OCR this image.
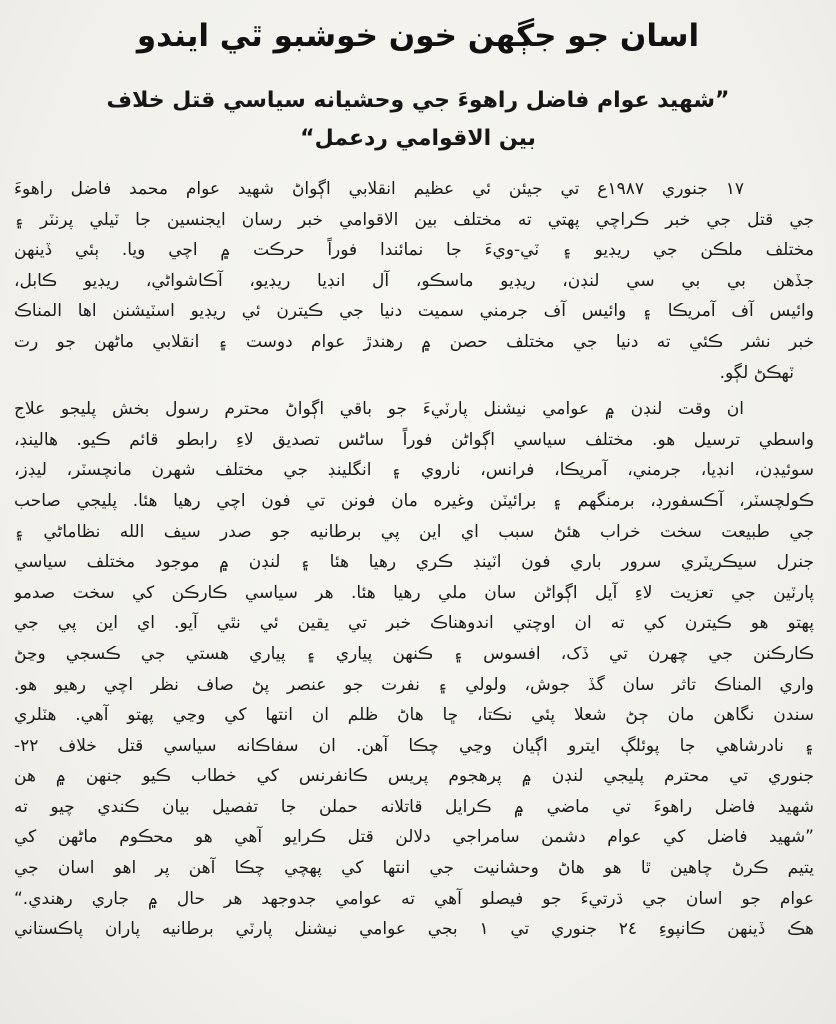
اسان جو جڳهن خون خوشبو ٿي ايندو
”شهيد عوام فاضل راهوءَ جي وحشيانه سياسي قتل خلاف
بين الاقوامي ردعمل“
١٧ جنوري ١٩٨٧ع تي جيئن ئي عظيم انقلابي اڳواڻ شهيد عوام محمد فاضل راهوءَ
جي قتل جي خبر ڪراچي پهتي ته مختلف بين الاقوامي خبر رسان ايجنسين جا ٽيلي پرنٽر ۽
مختلف ملڪن جي ريڊيو ۽ ٽي-ويءَ جا نمائندا فوراً حرڪت ۾ اچي ويا. ٻئي ڏينهن
جڏهن بي بي سي لنڊن، ريڊيو ماسڪو، آل انڊيا ريڊيو، آڪاشواڻي، ريڊيو ڪابل،
وائيس آف آمريڪا ۽ وائيس آف جرمني سميت دنيا جي ڪيترن ئي ريڊيو اسٽيشنن اها المناڪ
خبر نشر ڪئي ته دنيا جي مختلف حصن ۾ رهندڙ عوام دوست ۽ انقلابي ماڻهن جو رت
ٽهڪڻ لڳو.
ان وقت لنڊن ۾ عوامي نيشنل پارٽيءَ جو باقي اڳواڻ محترم رسول بخش پليجو علاج
واسطي ترسيل هو. مختلف سياسي اڳواڻن فوراً ساڻس تصديق لاءِ رابطو قائم ڪيو. هالينڊ،
سوئيڊن، انڊيا، جرمني، آمريڪا، فرانس، ناروي ۽ انگلينڊ جي مختلف شهرن مانچسٽر، ليڊز،
ڪولچسٽر، آڪسفورڊ، برمنگهم ۽ برائيٽن وغيره مان فونن تي فون اچي رهيا هئا. پليجي صاحب
جي طبيعت سخت خراب هئڻ سبب اي اين پي برطانيه جو صدر سيف الله نظاماڻي ۽
جنرل سيڪريٽري سرور باري فون اٽينڊ ڪري رهيا هئا ۽ لنڊن ۾ موجود مختلف سياسي
پارٽين جي تعزيت لاءِ آيل اڳواڻن سان ملي رهيا هئا. هر سياسي ڪارڪن کي سخت صدمو
پهتو هو ڪيترن کي ته ان اوچتي اندوهناڪ خبر تي يقين ئي نٿي آيو. اي اين پي جي
ڪارڪنن جي چهرن تي ڏک، افسوس ۽ ڪنهن پياري ۽ پياري هستي جي ڪسجي وڃڻ
واري المناڪ تاثر سان گڏ جوش، ولولي ۽ نفرت جو عنصر پڻ صاف نظر اچي رهيو هو.
سندن نگاهن مان ڄڻ شعلا پئي نڪتا، ڇا هاڻ ظلم ان انتها کي وڃي پهتو آهي. هٽلري
۽ نادرشاهي جا پوئلڳ ايترو اڳيان وڃي چڪا آهن. ان سفاڪانه سياسي قتل خلاف ٢٢-
جنوري تي محترم پليجي لنڊن ۾ پرهجوم پريس ڪانفرنس کي خطاب ڪيو جنهن ۾ هن
شهيد فاضل راهوءَ تي ماضي ۾ ڪرايل قاتلانه حملن جا تفصيل بيان ڪندي چيو ته
”شهيد فاضل کي عوام دشمن سامراجي دلالن قتل ڪرايو آهي هو محڪوم ماڻهن کي
يتيم ڪرڻ چاهين ٿا هو هاڻ وحشانيت جي انتها کي پهچي چڪا آهن پر اهو اسان جي
عوام جو اسان جي ڌرتيءَ جو فيصلو آهي ته عوامي جدوجهد هر حال ۾ جاري رهندي.“
هڪ ڏينهن ڪانپوءِ ٢٤ جنوري تي ١ بجي عوامي نيشنل پارٽي برطانيه پاران پاڪستاني
